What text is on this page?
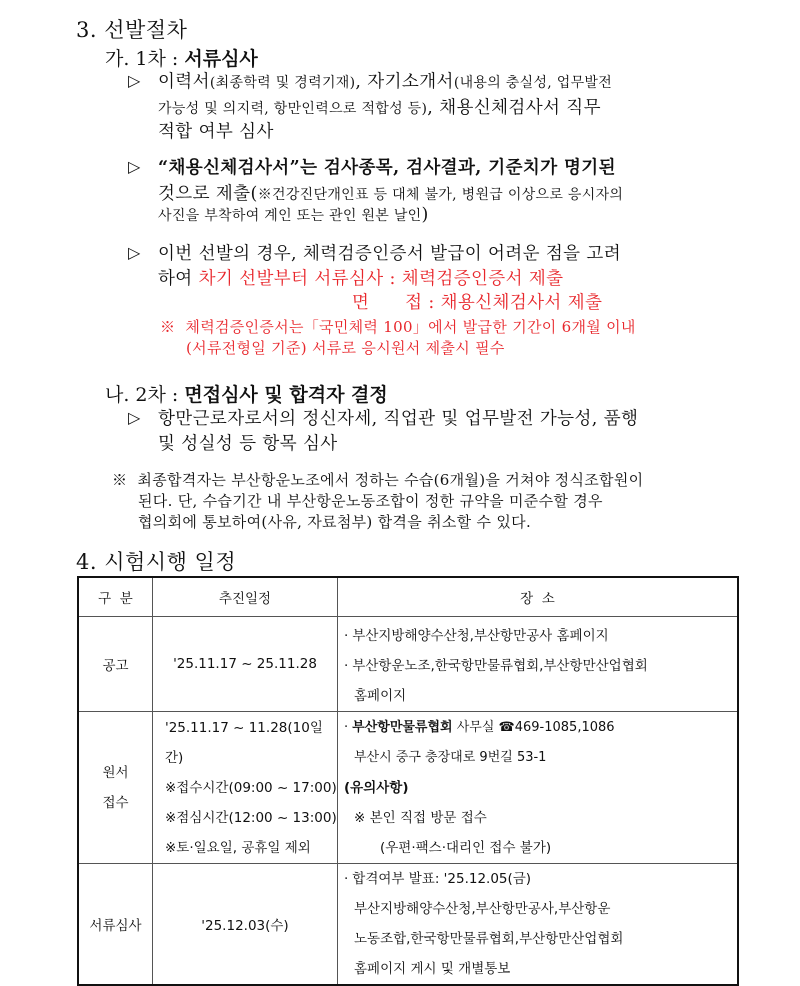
3. 선발절차
가. 1차 : 서류심사
▷ 이력서(최종학력 및 경력기재), 자기소개서(내용의 충실성, 업무발전
가능성 및 의지력, 항만인력으로 적합성 등), 채용신체검사서 직무
적합 여부 심사
▷ “채용신체검사서”는 검사종목, 검사결과, 기준치가 명기된
것으로 제출(※건강진단개인표 등 대체 불가, 병원급 이상으로 응시자의
사진을 부착하여 계인 또는 관인 원본 날인)
▷ 이번 선발의 경우, 체력검증인증서 발급이 어려운 점을 고려
하여 차기 선발부터 서류심사 : 체력검증인증서 제출
면      접 : 채용신체검사서 제출
※  체력검증인증서는「국민체력 100」에서 발급한 기간이 6개월 이내
(서류전형일 기준) 서류로 응시원서 제출시 필수
나. 2차 : 면접심사 및 합격자 결정
▷ 항만근로자로서의 정신자세, 직업관 및 업무발전 가능성, 품행
및 성실성 등 항목 심사
※  최종합격자는 부산항운노조에서 정하는 수습(6개월)을 거쳐야 정식조합원이
된다. 단, 수습기간 내 부산항운노동조합이 정한 규약을 미준수할 경우
협의회에 통보하여(사유, 자료첨부) 합격을 취소할 수 있다.
4. 시험시행 일정
구  분	추진일정	장  소
공고	'25.11.17 ~ 25.11.28	· 부산지방해양수산청,부산항만공사 홈페이지
· 부산항운노조,한국항만물류협회,부산항만산업협회
홈페이지

원서
접수	'25.11.17 ~ 11.28(10일간)
※접수시간(09:00 ~ 17:00)
※점심시간(12:00 ~ 13:00)
※토·일요일, 공휴일 제외	· 부산항만물류협회 사무실 ☎469-1085,1086
부산시 중구 충장대로 9번길 53-1
(유의사항)
※ 본인 직접 방문 접수
(우편·팩스·대리인 접수 불가)

서류심사	'25.12.03(수)	· 합격여부 발표: '25.12.05(금)
부산지방해양수산청,부산항만공사,부산항운
노동조합,한국항만물류협회,부산항만산업협회
홈페이지 게시 및 개별통보
